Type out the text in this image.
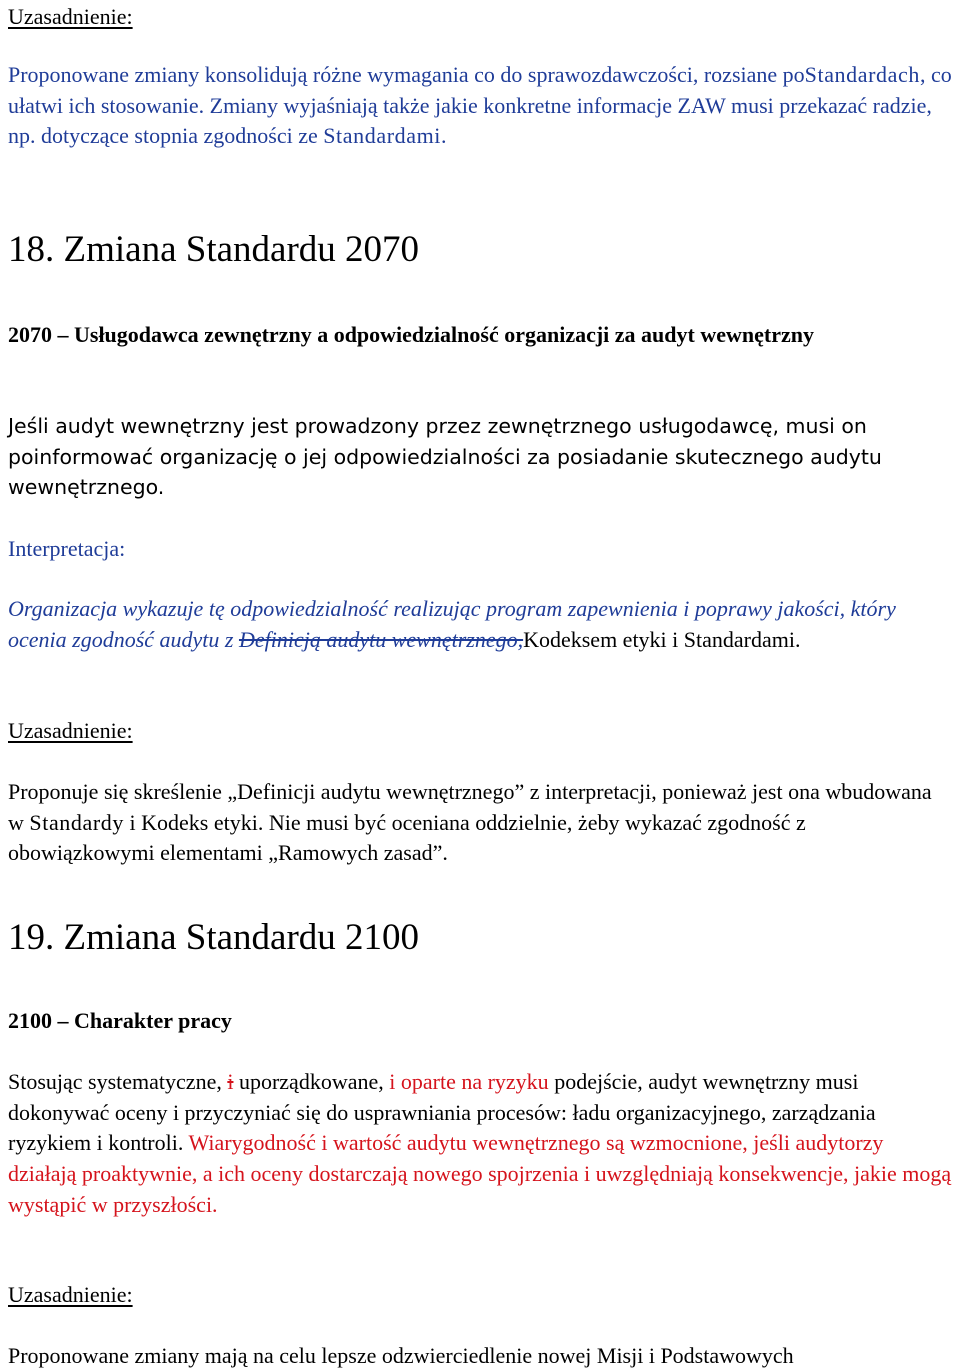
Uzasadnienie:

Proponowane zmiany konsolidują różne wymagania co do sprawozdawczości, rozsiane poStandardach, co ułatwi ich stosowanie. Zmiany wyjaśniają także jakie konkretne informacje ZAW musi przekazać radzie, np. dotyczące stopnia zgodności ze Standardami.

18. Zmiana Standardu 2070

2070 – Usługodawca zewnętrzny a odpowiedzialność organizacji za audyt wewnętrzny

Jeśli audyt wewnętrzny jest prowadzony przez zewnętrznego usługodawcę, musi on poinformować organizację o jej odpowiedzialności za posiadanie skutecznego audytu wewnętrznego.

Interpretacja:

Organizacja wykazuje tę odpowiedzialność realizując program zapewnienia i poprawy jakości, który ocenia zgodność audytu z Definicją audytu wewnętrznego,Kodeksem etyki i Standardami.

Uzasadnienie:

Proponuje się skreślenie „Definicji audytu wewnętrznego” z interpretacji, ponieważ jest ona wbudowana w Standardy i Kodeks etyki. Nie musi być oceniana oddzielnie, żeby wykazać zgodność z obowiązkowymi elementami „Ramowych zasad”.

19. Zmiana Standardu 2100

2100 – Charakter pracy

Stosując systematyczne, i uporządkowane, i oparte na ryzyku podejście, audyt wewnętrzny musi dokonywać oceny i przyczyniać się do usprawniania procesów: ładu organizacyjnego, zarządzania ryzykiem i kontroli. Wiarygodność i wartość audytu wewnętrznego są wzmocnione, jeśli audytorzy działają proaktywnie, a ich oceny dostarczają nowego spojrzenia i uwzględniają konsekwencje, jakie mogą wystąpić w przyszłości.

Uzasadnienie:

Proponowane zmiany mają na celu lepsze odzwierciedlenie nowej Misji i Podstawowych
